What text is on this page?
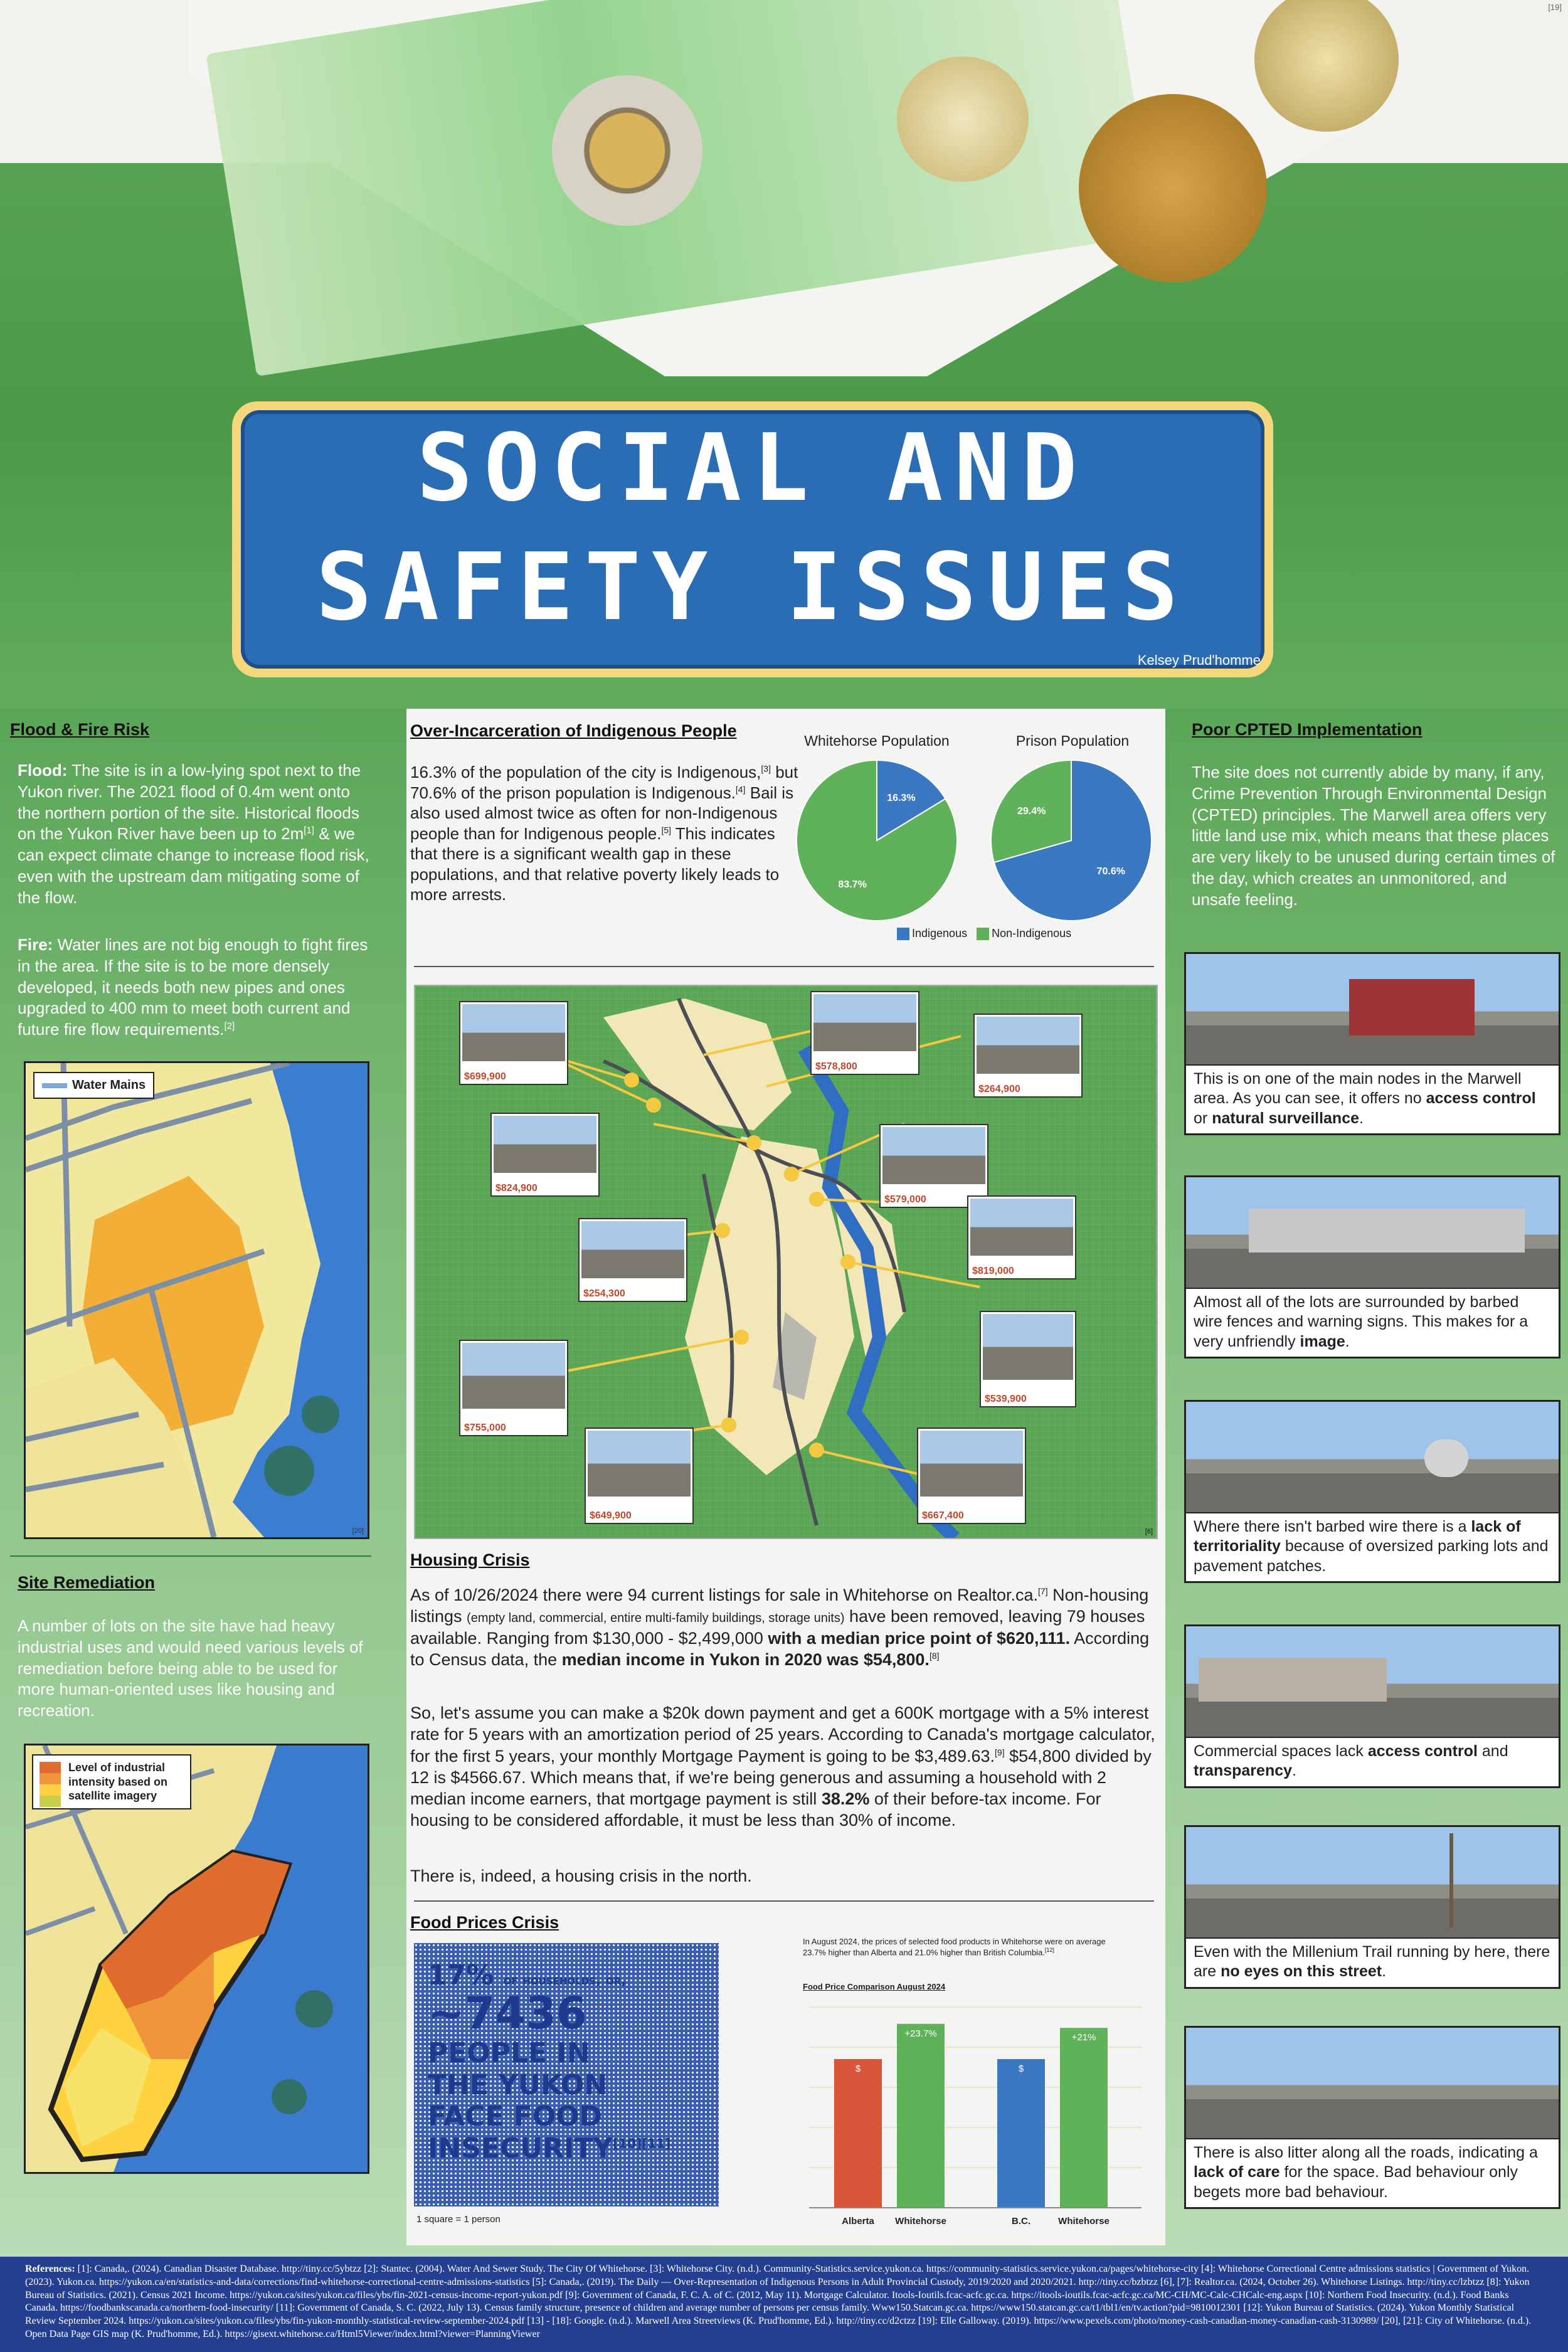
[19]
SOCIAL AND
SAFETY ISSUES
Kelsey Prud'homme
Flood & Fire Risk
Flood: The site is in a low-lying spot next to the Yukon river. The 2021 flood of 0.4m went onto the northern portion of the site. Historical floods on the Yukon River have been up to 2m[1] & we can expect climate change to increase flood risk, even with the upstream dam mitigating some of the flow.
Fire: Water lines are not big enough to fight fires in the area. If the site is to be more densely developed, it needs both new pipes and ones upgraded to 400 mm to meet both current and future fire flow requirements.[2]
Water Mains
[20]
Site Remediation
A number of lots on the site have had heavy industrial uses and would need various levels of remediation before being able to be used for more human-oriented uses like housing and recreation.
Level of industrial intensity based on satellite imagery
Over-Incarceration of Indigenous People
16.3% of the population of the city is Indigenous,[3] but 70.6% of the prison population is Indigenous.[4] Bail is also used almost twice as often for non-Indigenous people than for Indigenous people.[5] This indicates that there is a significant wealth gap in these populations, and that relative poverty likely leads to more arrests.
Whitehorse Population	Prison Population
16.3%
83.7%
70.6%
29.4%
Indigenous Non-Indigenous
$699,900
$578,800
$264,900
$824,900
$579,000
$254,300
$819,000
$539,900
$755,000
$649,900	$667,400
[6]
Housing Crisis
As of 10/26/2024 there were 94 current listings for sale in Whitehorse on Realtor.ca.[7] Non-housing listings (empty land, commercial, entire multi-family buildings, storage units) have been removed, leaving 79 houses available. Ranging from $130,000 - $2,499,000 with a median price point of $620,111. According to Census data, the median income in Yukon in 2020 was $54,800.[8]
So, let's assume you can make a $20k down payment and get a 600K mortgage with a 5% interest rate for 5 years with an amortization period of 25 years. According to Canada's mortgage calculator, for the first 5 years, your monthly Mortgage Payment is going to be $3,489.63.[9] $54,800 divided by 12 is $4566.67. Which means that, if we're being generous and assuming a household with 2 median income earners, that mortgage payment is still 38.2% of their before-tax income. For housing to be considered affordable, it must be less than 30% of income.
There is, indeed, a housing crisis in the north.
Food Prices Crisis
17% of households, or,
~7436
PEOPLE IN
THE YUKON
FACE FOOD
INSECURITY[10][11]
1 square = 1 person
In August 2024, the prices of selected food products in Whitehorse were on average 23.7% higher than Alberta and 21.0% higher than British Columbia.[12]
Food Price Comparison August 2024
$
Alberta
+23.7%
Whitehorse
$
B.C.
+21%
Whitehorse
Poor CPTED Implementation
The site does not currently abide by many, if any, Crime Prevention Through Environmental Design (CPTED) principles. The Marwell area offers very little land use mix, which means that these places are very likely to be unused during certain times of the day, which creates an unmonitored, and unsafe feeling.
This is on one of the main nodes in the Marwell area. As you can see, it offers no access control or natural surveillance.
Almost all of the lots are surrounded by barbed wire fences and warning signs. This makes for a very unfriendly image.
Where there isn't barbed wire there is a lack of territoriality because of oversized parking lots and pavement patches.
Commercial spaces lack access control and transparency.
Even with the Millenium Trail running by here, there are no eyes on this street.
There is also litter along all the roads, indicating a lack of care for the space. Bad behaviour only begets more bad behaviour.
References: [1]: Canada,. (2024). Canadian Disaster Database. http://tiny.cc/5ybtzz [2]: Stantec. (2004). Water And Sewer Study. The City Of Whitehorse. [3]: Whitehorse City. (n.d.). Community-Statistics.service.yukon.ca. https://community-statistics.service.yukon.ca/pages/whitehorse-city [4]: Whitehorse Correctional Centre admissions statistics | Government of Yukon. (2023). Yukon.ca. https://yukon.ca/en/statistics-and-data/corrections/find-whitehorse-correctional-centre-admissions-statistics [5]: Canada,. (2019). The Daily — Over-Representation of Indigenous Persons in Adult Provincial Custody, 2019/2020 and 2020/2021. http://tiny.cc/bzbtzz [6], [7]: Realtor.ca. (2024, October 26). Whitehorse Listings. http://tiny.cc/lzbtzz [8]: Yukon Bureau of Statistics. (2021). Census 2021 Income. https://yukon.ca/sites/yukon.ca/files/ybs/fin-2021-census-income-report-yukon.pdf [9]: Government of Canada, F. C. A. of C. (2012, May 11). Mortgage Calculator. Itools-Ioutils.fcac-acfc.gc.ca. https://itools-ioutils.fcac-acfc.gc.ca/MC-CH/MC-Calc-CHCalc-eng.aspx [10]: Northern Food Insecurity. (n.d.). Food Banks Canada. https://foodbankscanada.ca/northern-food-insecurity/ [11]: Government of Canada, S. C. (2022, July 13). Census family structure, presence of children and average number of persons per census family. Www150.Statcan.gc.ca. https://www150.statcan.gc.ca/t1/tbl1/en/tv.action?pid=9810012301 [12]: Yukon Bureau of Statistics. (2024). Yukon Monthly Statistical Review September 2024. https://yukon.ca/sites/yukon.ca/files/ybs/fin-yukon-monthly-statistical-review-september-2024.pdf [13] - [18]: Google. (n.d.). Marwell Area Streetviews (K. Prud'homme, Ed.). http://tiny.cc/d2ctzz [19]: Elle Galloway. (2019). https://www.pexels.com/photo/money-cash-canadian-money-canadian-cash-3130989/ [20], [21]: City of Whitehorse. (n.d.). Open Data Page GIS map (K. Prud'homme, Ed.). https://gisext.whitehorse.ca/Html5Viewer/index.html?viewer=PlanningViewer
